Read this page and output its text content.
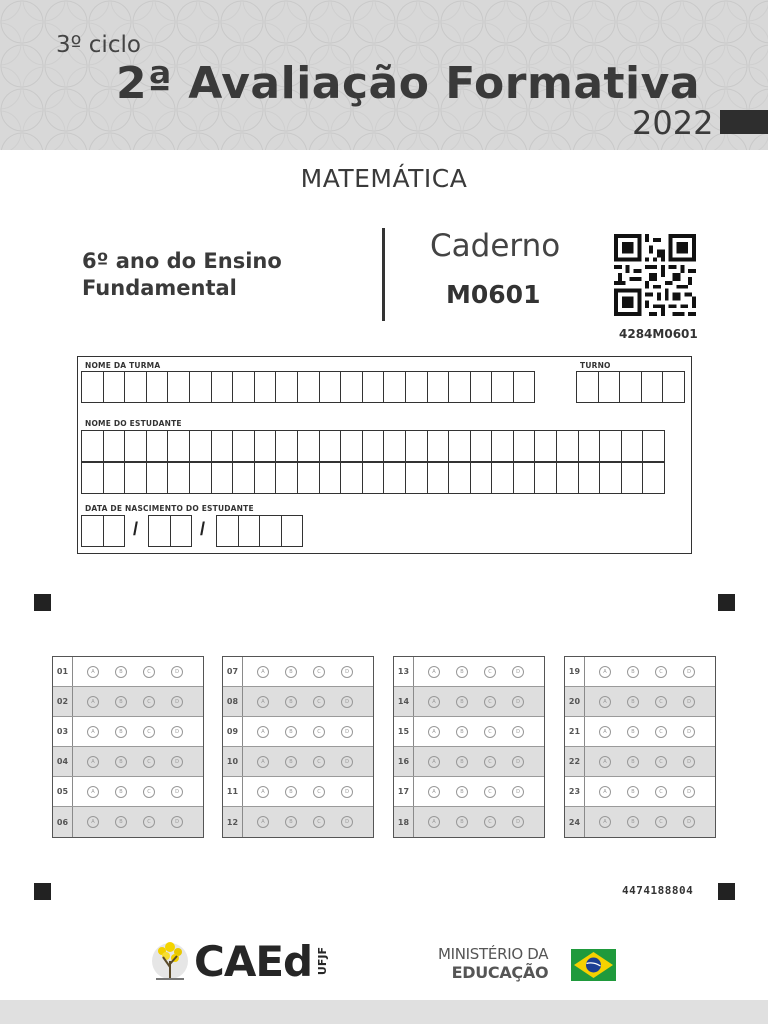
3º ciclo
2ª Avaliação Formativa
2022
MATEMÁTICA
6º ano do Ensino
Fundamental
Caderno
M0601
4284M0601
NOME DA TURMA	TURNO
NOME DO ESTUDANTE
DATA DE NASCIMENTO DO ESTUDANTE
/	/
01	A	B	C	D
02	A	B	C	D
03	A	B	C	D
04	A	B	C	D
05	A	B	C	D
06	A	B	C	D
07	A	B	C	D
08	A	B	C	D
09	A	B	C	D
10	A	B	C	D
11	A	B	C	D
12	A	B	C	D
13	A	B	C	D
14	A	B	C	D
15	A	B	C	D
16	A	B	C	D
17	A	B	C	D
18	A	B	C	D
19	A	B	C	D
20	A	B	C	D
21	A	B	C	D
22	A	B	C	D
23	A	B	C	D
24	A	B	C	D
4474188804
CAEd UFJF	MINISTÉRIO DA
EDUCAÇÃO
